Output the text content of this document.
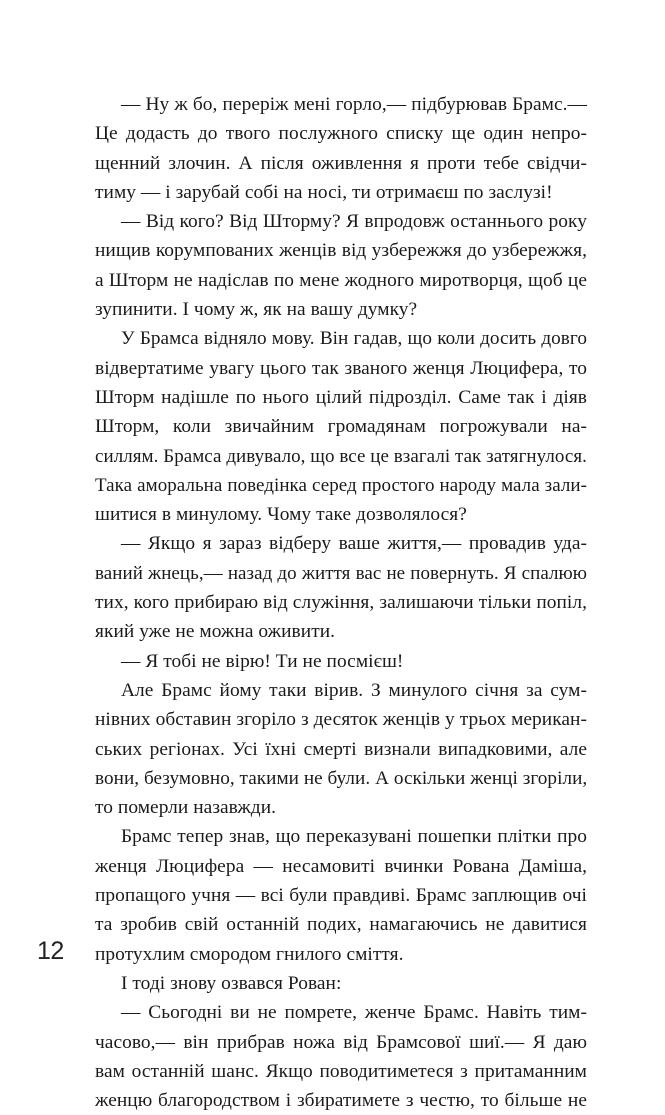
— Ну ж бо, переріж мені горло,— підбурював Брамс.—
Це додасть до твого послужного списку ще один непро-
щенний злочин. А після оживлення я проти тебе свідчи-
тиму — і зарубай собі на носі, ти отримаєш по заслузі!
— Від кого? Від Шторму? Я впродовж останнього року
нищив корумпованих женців від узбережжя до узбережжя,
а Шторм не надіслав по мене жодного миротворця, щоб це
зупинити. І чому ж, як на вашу думку?
У Брамса відняло мову. Він гадав, що коли досить довго
відвертатиме увагу цього так званого женця Люцифера, то
Шторм надішле по нього цілий підрозділ. Саме так і діяв
Шторм, коли звичайним громадянам погрожували на-
силлям. Брамса дивувало, що все це взагалі так затягнулося.
Така аморальна поведінка серед простого народу мала зали-
шитися в минулому. Чому таке дозволялося?
— Якщо я зараз відберу ваше життя,— провадив уда-
ваний жнець,— назад до життя вас не повернуть. Я спалюю
тих, кого прибираю від служіння, залишаючи тільки попіл,
який уже не можна оживити.
— Я тобі не вірю! Ти не посмієш!
Але Брамс йому таки вірив. З минулого січня за сум-
нівних обставин згоріло з десяток женців у трьох мерикан-
ських регіонах. Усі їхні смерті визнали випадковими, але
вони, безумовно, такими не були. А оскільки женці згоріли,
то померли назавжди.
Брамс тепер знав, що переказувані пошепки плітки про
женця Люцифера — несамовиті вчинки Рована Даміша,
пропащого учня — всі були правдиві. Брамс заплющив очі
та зробив свій останній подих, намагаючись не давитися
протухлим смородом гнилого сміття.
І тоді знову озвався Рован:
— Сьогодні ви не помрете, женче Брамс. Навіть тим-
часово,— він прибрав ножа від Брамсової шиї.— Я даю
вам останній шанс. Якщо поводитиметеся з притаманним
женцю благородством і збиратимете з честю, то більше не
12
